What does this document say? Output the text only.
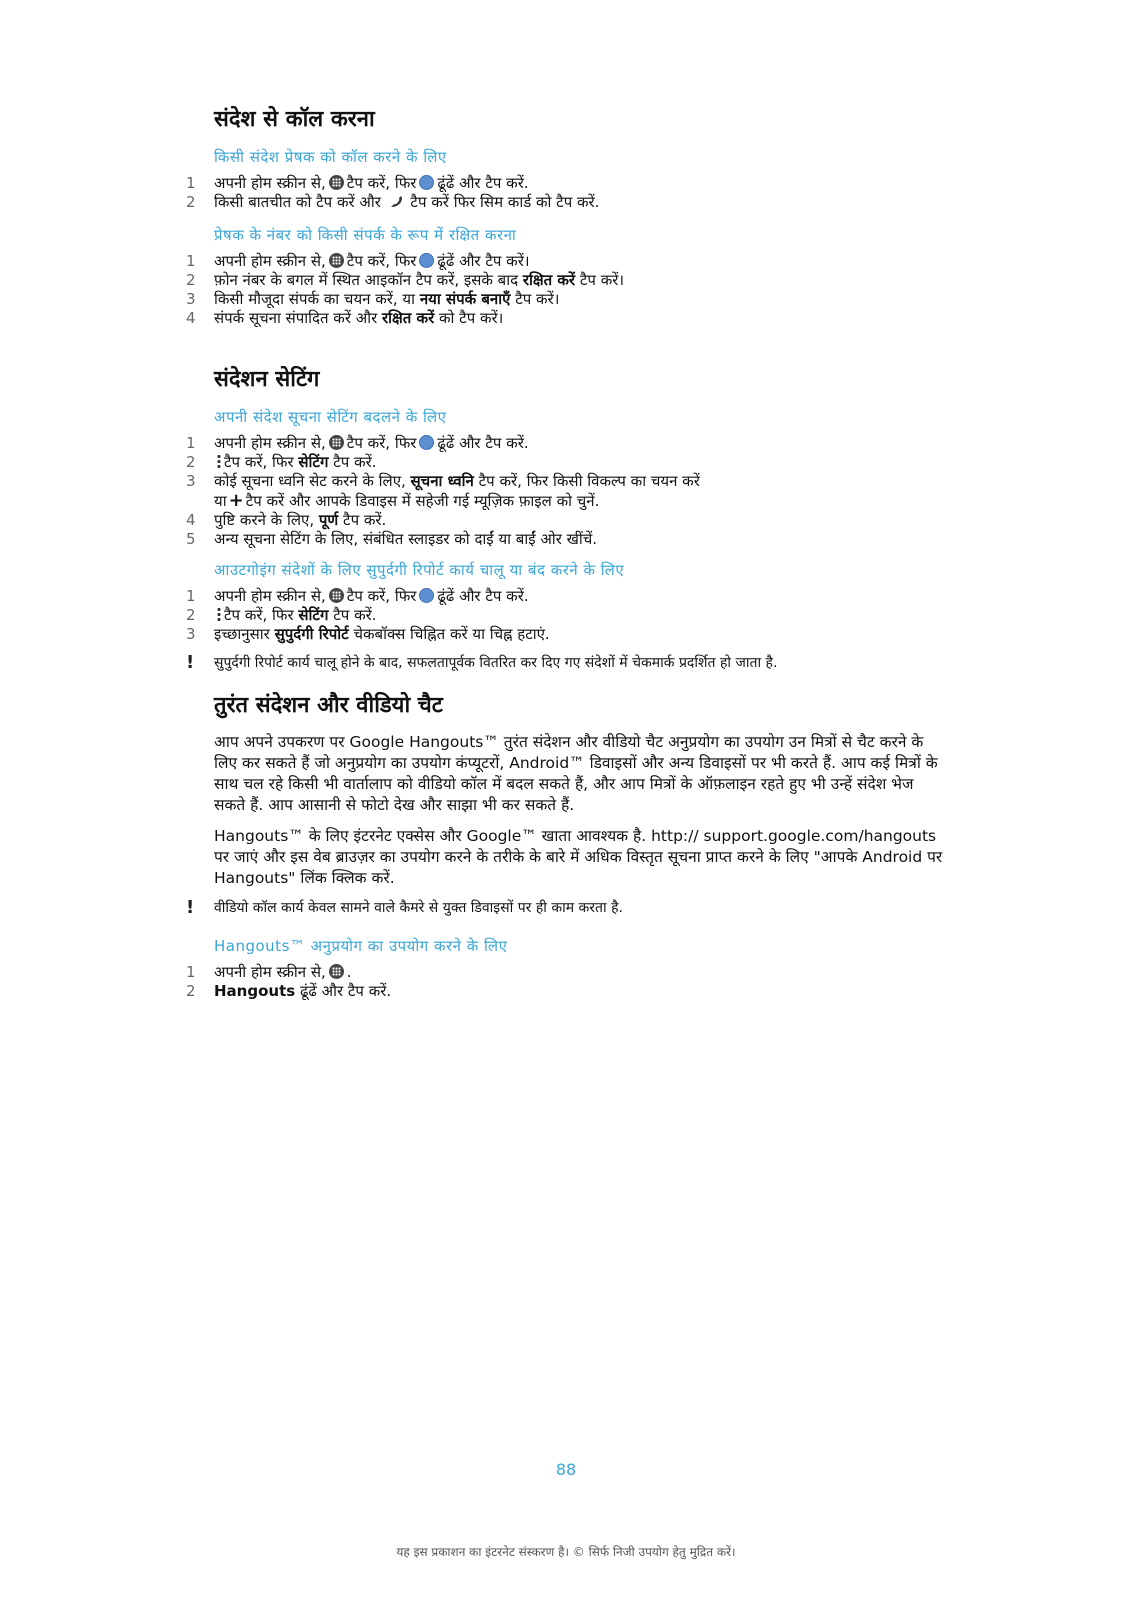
संदेश से कॉल करना
किसी संदेश प्रेषक को कॉल करने के लिए
1	अपनी होम स्क्रीन से, टैप करें, फिर ढूंढें और टैप करें.
2	किसी बातचीत को टैप करें और टैप करें फिर सिम कार्ड को टैप करें.
प्रेषक के नंबर को किसी संपर्क के रूप में रक्षित करना
1	अपनी होम स्क्रीन से, टैप करें, फिर ढूंढें और टैप करें।
2	फ़ोन नंबर के बगल में स्थित आइकॉन टैप करें, इसके बाद रक्षित करें टैप करें।
3	किसी मौजूदा संपर्क का चयन करें, या नया संपर्क बनाएँ टैप करें।
4	संपर्क सूचना संपादित करें और रक्षित करें को टैप करें।
संदेशन सेटिंग
अपनी संदेश सूचना सेटिंग बदलने के लिए
1	अपनी होम स्क्रीन से, टैप करें, फिर ढूंढें और टैप करें.
2	टैप करें, फिर सेटिंग टैप करें.
3	कोई सूचना ध्वनि सेट करने के लिए, सूचना ध्वनि टैप करें, फिर किसी विकल्प का चयन करें
या + टैप करें और आपके डिवाइस में सहेजी गई म्यूज़िक फ़ाइल को चुनें.
4	पुष्टि करने के लिए, पूर्ण टैप करें.
5	अन्य सूचना सेटिंग के लिए, संबंधित स्लाइडर को दाईं या बाईं ओर खींचें.
आउटगोइंग संदेशों के लिए सुपुर्दगी रिपोर्ट कार्य चालू या बंद करने के लिए
1	अपनी होम स्क्रीन से, टैप करें, फिर ढूंढें और टैप करें.
2	टैप करें, फिर सेटिंग टैप करें.
3	इच्छानुसार सुपुर्दगी रिपोर्ट चेकबॉक्स चिह्नित करें या चिह्न हटाएं.
!	सुपुर्दगी रिपोर्ट कार्य चालू होने के बाद, सफलतापूर्वक वितरित कर दिए गए संदेशों में चेकमार्क प्रदर्शित हो जाता है.
तुरंत संदेशन और वीडियो चैट

आप अपने उपकरण पर Google Hangouts™ तुरंत संदेशन और वीडियो चैट अनुप्रयोग का उपयोग उन मित्रों से चैट करने के लिए कर सकते हैं जो अनुप्रयोग का उपयोग कंप्यूटरों, Android™ डिवाइसों और अन्य डिवाइसों पर भी करते हैं. आप कई मित्रों के साथ चल रहे किसी भी वार्तालाप को वीडियो कॉल में बदल सकते हैं, और आप मित्रों के ऑफ़लाइन रहते हुए भी उन्हें संदेश भेज सकते हैं. आप आसानी से फोटो देख और साझा भी कर सकते हैं.

Hangouts™ के लिए इंटरनेट एक्सेस और Google™ खाता आवश्यक है. http:// support.google.com/hangouts पर जाएं और इस वेब ब्राउज़र का उपयोग करने के तरीके के बारे में अधिक विस्तृत सूचना प्राप्त करने के लिए "आपके Android पर Hangouts" लिंक क्लिक करें.

!	वीडियो कॉल कार्य केवल सामने वाले कैमरे से युक्त डिवाइसों पर ही काम करता है.
Hangouts™ अनुप्रयोग का उपयोग करने के लिए
1	अपनी होम स्क्रीन से, .
2	Hangouts ढूंढें और टैप करें.
88
यह इस प्रकाशन का इंटरनेट संस्करण है। © सिर्फ निजी उपयोग हेतु मुद्रित करें।
